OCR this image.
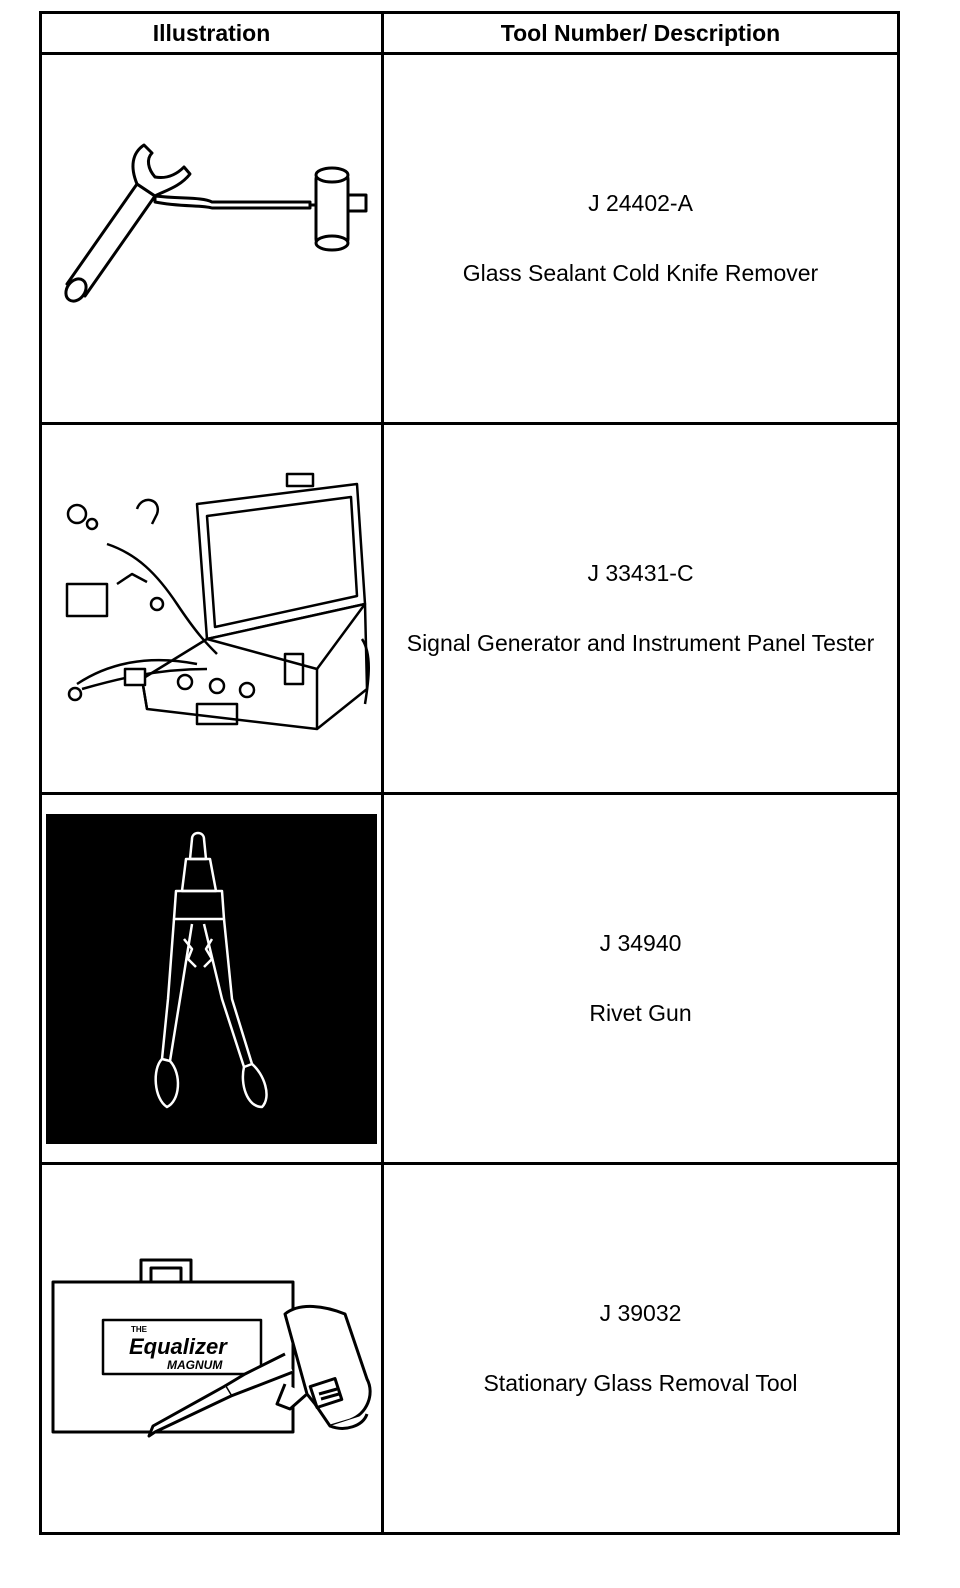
Illustration	Tool Number/ Description
J 24402-A
Glass Sealant Cold Knife Remover
J 33431-C
Signal Generator and Instrument Panel Tester
J 34940
Rivet Gun
THE
Equalizer
MAGNUM
J 39032
Stationary Glass Removal Tool
